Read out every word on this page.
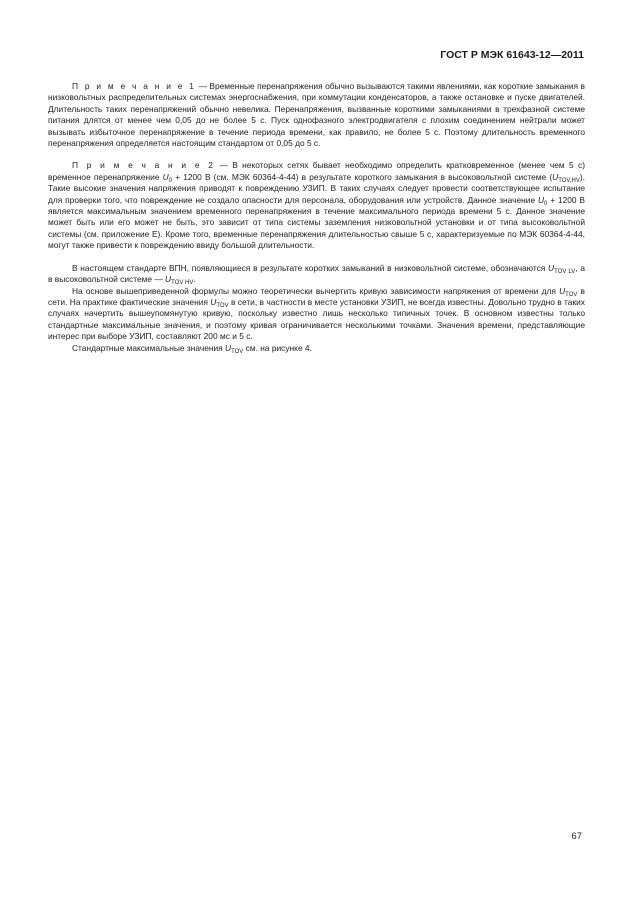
ГОСТ Р МЭК 61643-12—2011

П р и м е ч а н и е 1 — Временные перенапряжения обычно вызываются такими явлениями, как короткие замыкания в низковольтных распределительных системах энергоснабжения, при коммутации конденсаторов, а также остановке и пуске двигателей. Длительность таких перенапряжений обычно невелика. Перенапряжения, вызванные короткими замыканиями в трехфазной системе питания длятся от менее чем 0,05 до не более 5 с. Пуск однофазного электродвигателя с плохим соединением нейтрали может вызывать избыточное перенапряжение в течение периода времени, как правило, не более 5 с. Поэтому длительность временного перенапряжения определяется настоящим стандартом от 0,05 до 5 с.

П р и м е ч а н и е 2 — В некоторых сетях бывает необходимо определить кратковременное (менее чем 5 с) временное перенапряжение $U_0 + 1200$ В (см. МЭК 60364-4-44) в результате короткого замыкания в высоковольтной системе $(U_{TOV,HV})$. Такие высокие значения напряжения приводят к повреждению УЗИП. В таких случаях следует провести соответствующее испытание для проверки того, что повреждение не создало опасности для персонала, оборудования или устройств. Данное значение $U_0 + 1200$ В является максимальным значением временного перенапряжения в течение максимального периода времени 5 с. Данное значение может быть или его может не быть, это зависит от типа системы заземления низковольтной установки и от типа высоковольтной системы (см. приложение Е). Кроме того, временные перенапряжения длительностью свыше 5 с, характеризуемые по МЭК 60364-4-44, могут также привести к повреждению ввиду большой длительности.

В настоящем стандарте ВПН, появляющиеся в результате коротких замыканий в низковольтной системе, обозначаются $U_{TOV LV}$, а в высоковольтной системе — $U_{TOV HV}$.

На основе вышеприведенной формулы можно теоретически вычертить кривую зависимости напряжения от времени для $U_{TOV}$ в сети. На практике фактические значения $U_{TOV}$ в сети, в частности в месте установки УЗИП, не всегда известны. Довольно трудно в таких случаях начертить вышеупомянутую кривую, поскольку известно лишь несколько типичных точек. В основном известны только стандартные максимальные значения, и поэтому кривая ограничивается несколькими точками. Значения времени, представляющие интерес при выборе УЗИП, составляют 200 мс и 5 с.

Стандартные максимальные значения $U_{TOV}$ см. на рисунке 4.

67
